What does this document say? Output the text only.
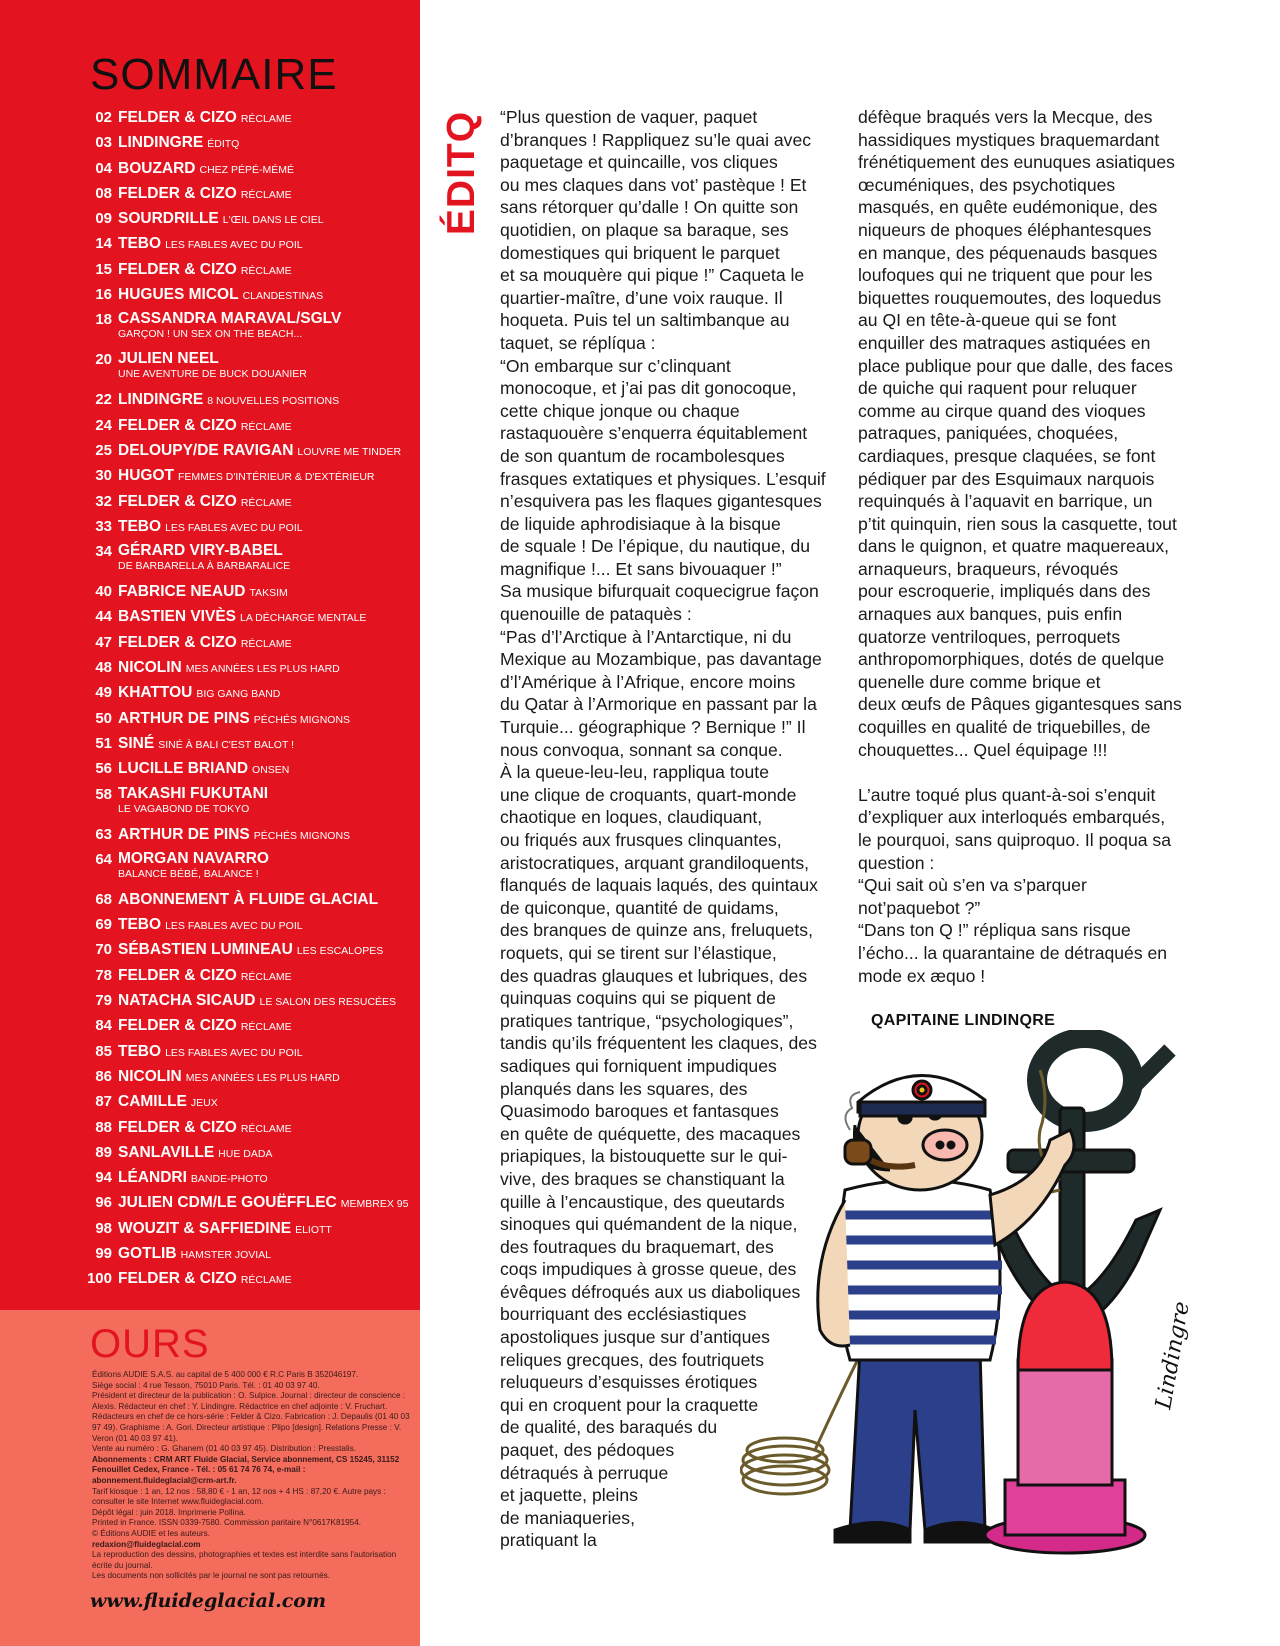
SOMMAIRE
02 FELDER & CIZO RÉCLAME
03 LINDINGRE ÉDITQ
04 BOUZARD CHEZ PÉPÉ-MÉMÉ
08 FELDER & CIZO RÉCLAME
09 SOURDRILLE L'ŒIL DANS LE CIEL
14 TEBO LES FABLES AVEC DU POIL
15 FELDER & CIZO RÉCLAME
16 HUGUES MICOL CLANDESTINAS
18 CASSANDRA MARAVAL/SGLV
GARÇON ! UN SEX ON THE BEACH...
20 JULIEN NEEL
UNE AVENTURE DE BUCK DOUANIER
22 LINDINGRE 8 NOUVELLES POSITIONS
24 FELDER & CIZO RÉCLAME
25 DELOUPY/DE RAVIGAN LOUVRE ME TINDER
30 HUGOT FEMMES D'INTÉRIEUR & D'EXTÉRIEUR
32 FELDER & CIZO RÉCLAME
33 TEBO LES FABLES AVEC DU POIL
34 GÉRARD VIRY-BABEL
DE BARBARELLA À BARBARALICE
40 FABRICE NEAUD TAKSIM
44 BASTIEN VIVÈS LA DÉCHARGE MENTALE
47 FELDER & CIZO RÉCLAME
48 NICOLIN MES ANNÉES LES PLUS HARD
49 KHATTOU BIG GANG BAND
50 ARTHUR DE PINS PÉCHÉS MIGNONS
51 SINÉ SINÉ À BALI C'EST BALOT !
56 LUCILLE BRIAND ONSEN
58 TAKASHI FUKUTANI
LE VAGABOND DE TOKYO
63 ARTHUR DE PINS PÉCHÉS MIGNONS
64 MORGAN NAVARRO
BALANCE BÉBÉ, BALANCE !
68 ABONNEMENT À FLUIDE GLACIAL
69 TEBO LES FABLES AVEC DU POIL
70 SÉBASTIEN LUMINEAU LES ESCALOPES
78 FELDER & CIZO RÉCLAME
79 NATACHA SICAUD LE SALON DES RESUCÉES
84 FELDER & CIZO RÉCLAME
85 TEBO LES FABLES AVEC DU POIL
86 NICOLIN MES ANNÉES LES PLUS HARD
87 CAMILLE JEUX
88 FELDER & CIZO RÉCLAME
89 SANLAVILLE HUE DADA
94 LÉANDRI BANDE-PHOTO
96 JULIEN CDM/LE GOUËFFLEC MEMBREX 95
98 WOUZIT & SAFFIEDINE ELIOTT
99 GOTLIB HAMSTER JOVIAL
100 FELDER & CIZO RÉCLAME
OURS

Éditions AUDIE S.A.S. au capital de 5 400 000 € R.C Paris B 352046197.

Siège social : 4 rue Tesson, 75010 Paris. Tél. : 01 40 03 97 40.

Président et directeur de la publication : O. Sulpice. Journal : directeur de conscience : Alexis. Rédacteur en chef : Y. Lindingre. Rédactrice en chef adjointe : V. Fruchart. Rédacteurs en chef de ce hors-série : Felder & Cizo. Fabrication : J. Depaulis (01 40 03 97 49). Graphisme : A. Gori. Directeur artistique : Plipo [design]. Relations Presse : V. Veron (01 40 03 97 41).

Vente au numéro : G. Ghanem (01 40 03 97 45). Distribution : Presstalis.

Abonnements : CRM ART Fluide Glacial, Service abonnement, CS 15245, 31152 Fenouillet Cedex, France - Tél. : 05 61 74 76 74, e-mail : abonnement.fluideglacial@crm-art.fr.

Tarif kiosque : 1 an, 12 nos : 58,80 € - 1 an, 12 nos + 4 HS : 87,20 €. Autre pays : consulter le site Internet www.fluideglacial.com.

Dépôt légal : juin 2018. Imprimerie Pollina.

Printed in France. ISSN 0339-7580. Commission paritaire N°0617K81954.

© Éditions AUDIE et les auteurs.

redaxion@fluideglacial.com

La reproduction des dessins, photographies et textes est interdite sans l'autorisation écrite du journal.

Les documents non sollicités par le journal ne sont pas retournés.

www.fluideglacial.com
ÉDITQ “Plus question de vaquer, paquet
d’branques ! Rappliquez su’le quai avec
paquetage et quincaille, vos cliques
ou mes claques dans vot’ pastèque ! Et
sans rétorquer qu’dalle ! On quitte son
quotidien, on plaque sa baraque, ses
domestiques qui briquent le parquet
et sa mouquère qui pique !” Caqueta le
quartier-maître, d’une voix rauque. Il
hoqueta. Puis tel un saltimbanque au
taquet, se réplíqua :
“On embarque sur c’clinquant
monocoque, et j’ai pas dit gonocoque,
cette chique jonque ou chaque
rastaquouère s’enquerra équitablement
de son quantum de rocambolesques
frasques extatiques et physiques. L’esquif
n’esquivera pas les flaques gigantesques
de liquide aphrodisiaque à la bisque
de squale ! De l’épique, du nautique, du
magnifique !... Et sans bivouaquer !”
Sa musique bifurquait coquecigrue façon
quenouille de pataquès :
“Pas d’l’Arctique à l’Antarctique, ni du
Mexique au Mozambique, pas davantage
d’l’Amérique à l’Afrique, encore moins
du Qatar à l’Armorique en passant par la
Turquie... géographique ? Bernique !” Il
nous convoqua, sonnant sa conque.
À la queue-leu-leu, rappliqua toute
une clique de croquants, quart-monde
chaotique en loques, claudiquant,
ou friqués aux frusques clinquantes,
aristocratiques, arquant grandiloquents,
flanqués de laquais laqués, des quintaux
de quiconque, quantité de quidams,
des branques de quinze ans, freluquets,
roquets, qui se tirent sur l’élastique,
des quadras glauques et lubriques, des
quinquas coquins qui se piquent de
pratiques tantrique, “psychologiques”,
tandis qu’ils fréquentent les claques, des
sadiques qui forniquent impudiques
planqués dans les squares, des
Quasimodo baroques et fantasques
en quête de quéquette, des macaques
priapiques, la bistouquette sur le qui-
vive, des braques se chanstiquant la
quille à l’encaustique, des queutards
sinoques qui quémandent de la nique,
des foutraques du braquemart, des
coqs impudiques à grosse queue, des
évêques défroqués aux us diaboliques
bourriquant des ecclésiastiques
apostoliques jusque sur d’antiques
reliques grecques, des foutriquets
reluqueurs d’esquisses érotiques
qui en croquent pour la craquette
de qualité, des baraqués du
paquet, des pédoques
détraqués à perruque
et jaquette, pleins
de maniaqueries,
pratiquant la
défèque braqués vers la Mecque, des
hassidiques mystiques braquemardant
frénétiquement des eunuques asiatiques
œcuméniques, des psychotiques
masqués, en quête eudémonique, des
niqueurs de phoques éléphantesques
en manque, des péquenauds basques
loufoques qui ne triquent que pour les
biquettes rouquemoutes, des loquedus
au QI en tête-à-queue qui se font
enquiller des matraques astiquées en
place publique pour que dalle, des faces
de quiche qui raquent pour reluquer
comme au cirque quand des vioques
patraques, paniquées, choquées,
cardiaques, presque claquées, se font
pédiquer par des Esquimaux narquois
requinqués à l’aquavit en barrique, un
p’tit quinquin, rien sous la casquette, tout
dans le quignon, et quatre maquereaux,
arnaqueurs, braqueurs, révoqués
pour escroquerie, impliqués dans des
arnaques aux banques, puis enfin
quatorze ventriloques, perroquets
anthropomorphiques, dotés de quelque
quenelle dure comme brique et
deux œufs de Pâques gigantesques sans
coquilles en qualité de triquebilles, de
chouquettes... Quel équipage !!!
L’autre toqué plus quant-à-soi s’enquit
d’expliquer aux interloqués embarqués,
le pourquoi, sans quiproquo. Il poqua sa
question :
“Qui sait où s’en va s’parquer
not’paquebot ?”
“Dans ton Q !” répliqua sans risque
l’écho... la quarantaine de détraqués en
mode ex æquo !
QAPITAINE LINDINQRE
Lindingre
